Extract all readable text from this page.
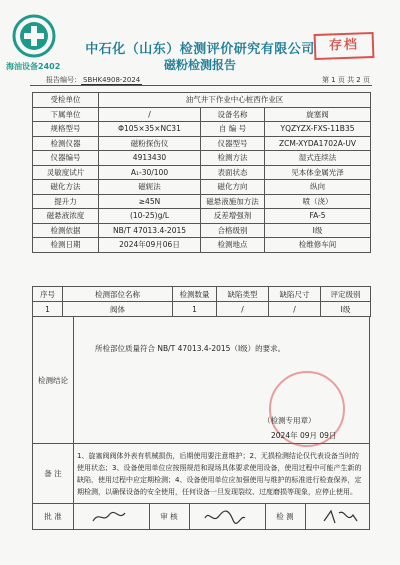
海油设备2402
中石化（山东）检测评价研究有限公司
磁粉检测报告
存档
报告编号： SBHK4908-2024	第 1 页 共 2 页
受检单位	油气井下作业中心桩西作业区		
下属单位	/	设备名称	旋塞阀
规格型号	Φ105×35×NC31	自 编 号	YQZYZX-FXS-11B35
检测仪器	磁粉探伤仪	仪器型号	ZCM-XYDA1702A-UV
仪器编号	4913430	检测方法	湿式连续法
灵敏度试片	A₁-30/100	表面状态	见本体金属光泽
磁化方法	磁轭法	磁化方向	纵向
提升力	≥45N	磁悬液施加方法	喷（浇）
磁悬液浓度	(10-25)g/L	反差增强剂	FA-5
检测依据	NB/T 47013.4-2015	合格级别	Ⅰ级
检测日期	2024年09月06日	检测地点	检维修车间
序号	检测部位名称	检测数量	缺陷类型	缺陷尺寸	评定级别
1	阀体	1	/	/	Ⅰ级
检测结论
所检部位质量符合 NB/T 47013.4-2015（Ⅰ级）的要求。
（检测专用章）
2024年 09月 09日
备 注
1、旋塞阀阀体外表有机械损伤，后期使用要注意维护；2、无损检测结论仅代表设备当时的使用状态；3、设备使用单位应按照规范和现场具体要求使用设备，使用过程中可能产生新的缺陷，使用过程中应定期检测；4、设备使用单位应加强使用与维护的标准进行检查保养，定期检测，以确保设备的安全使用，任何设备一旦发现裂纹、过度磨损等现象，应停止使用。
批 准	审 核	检 测
